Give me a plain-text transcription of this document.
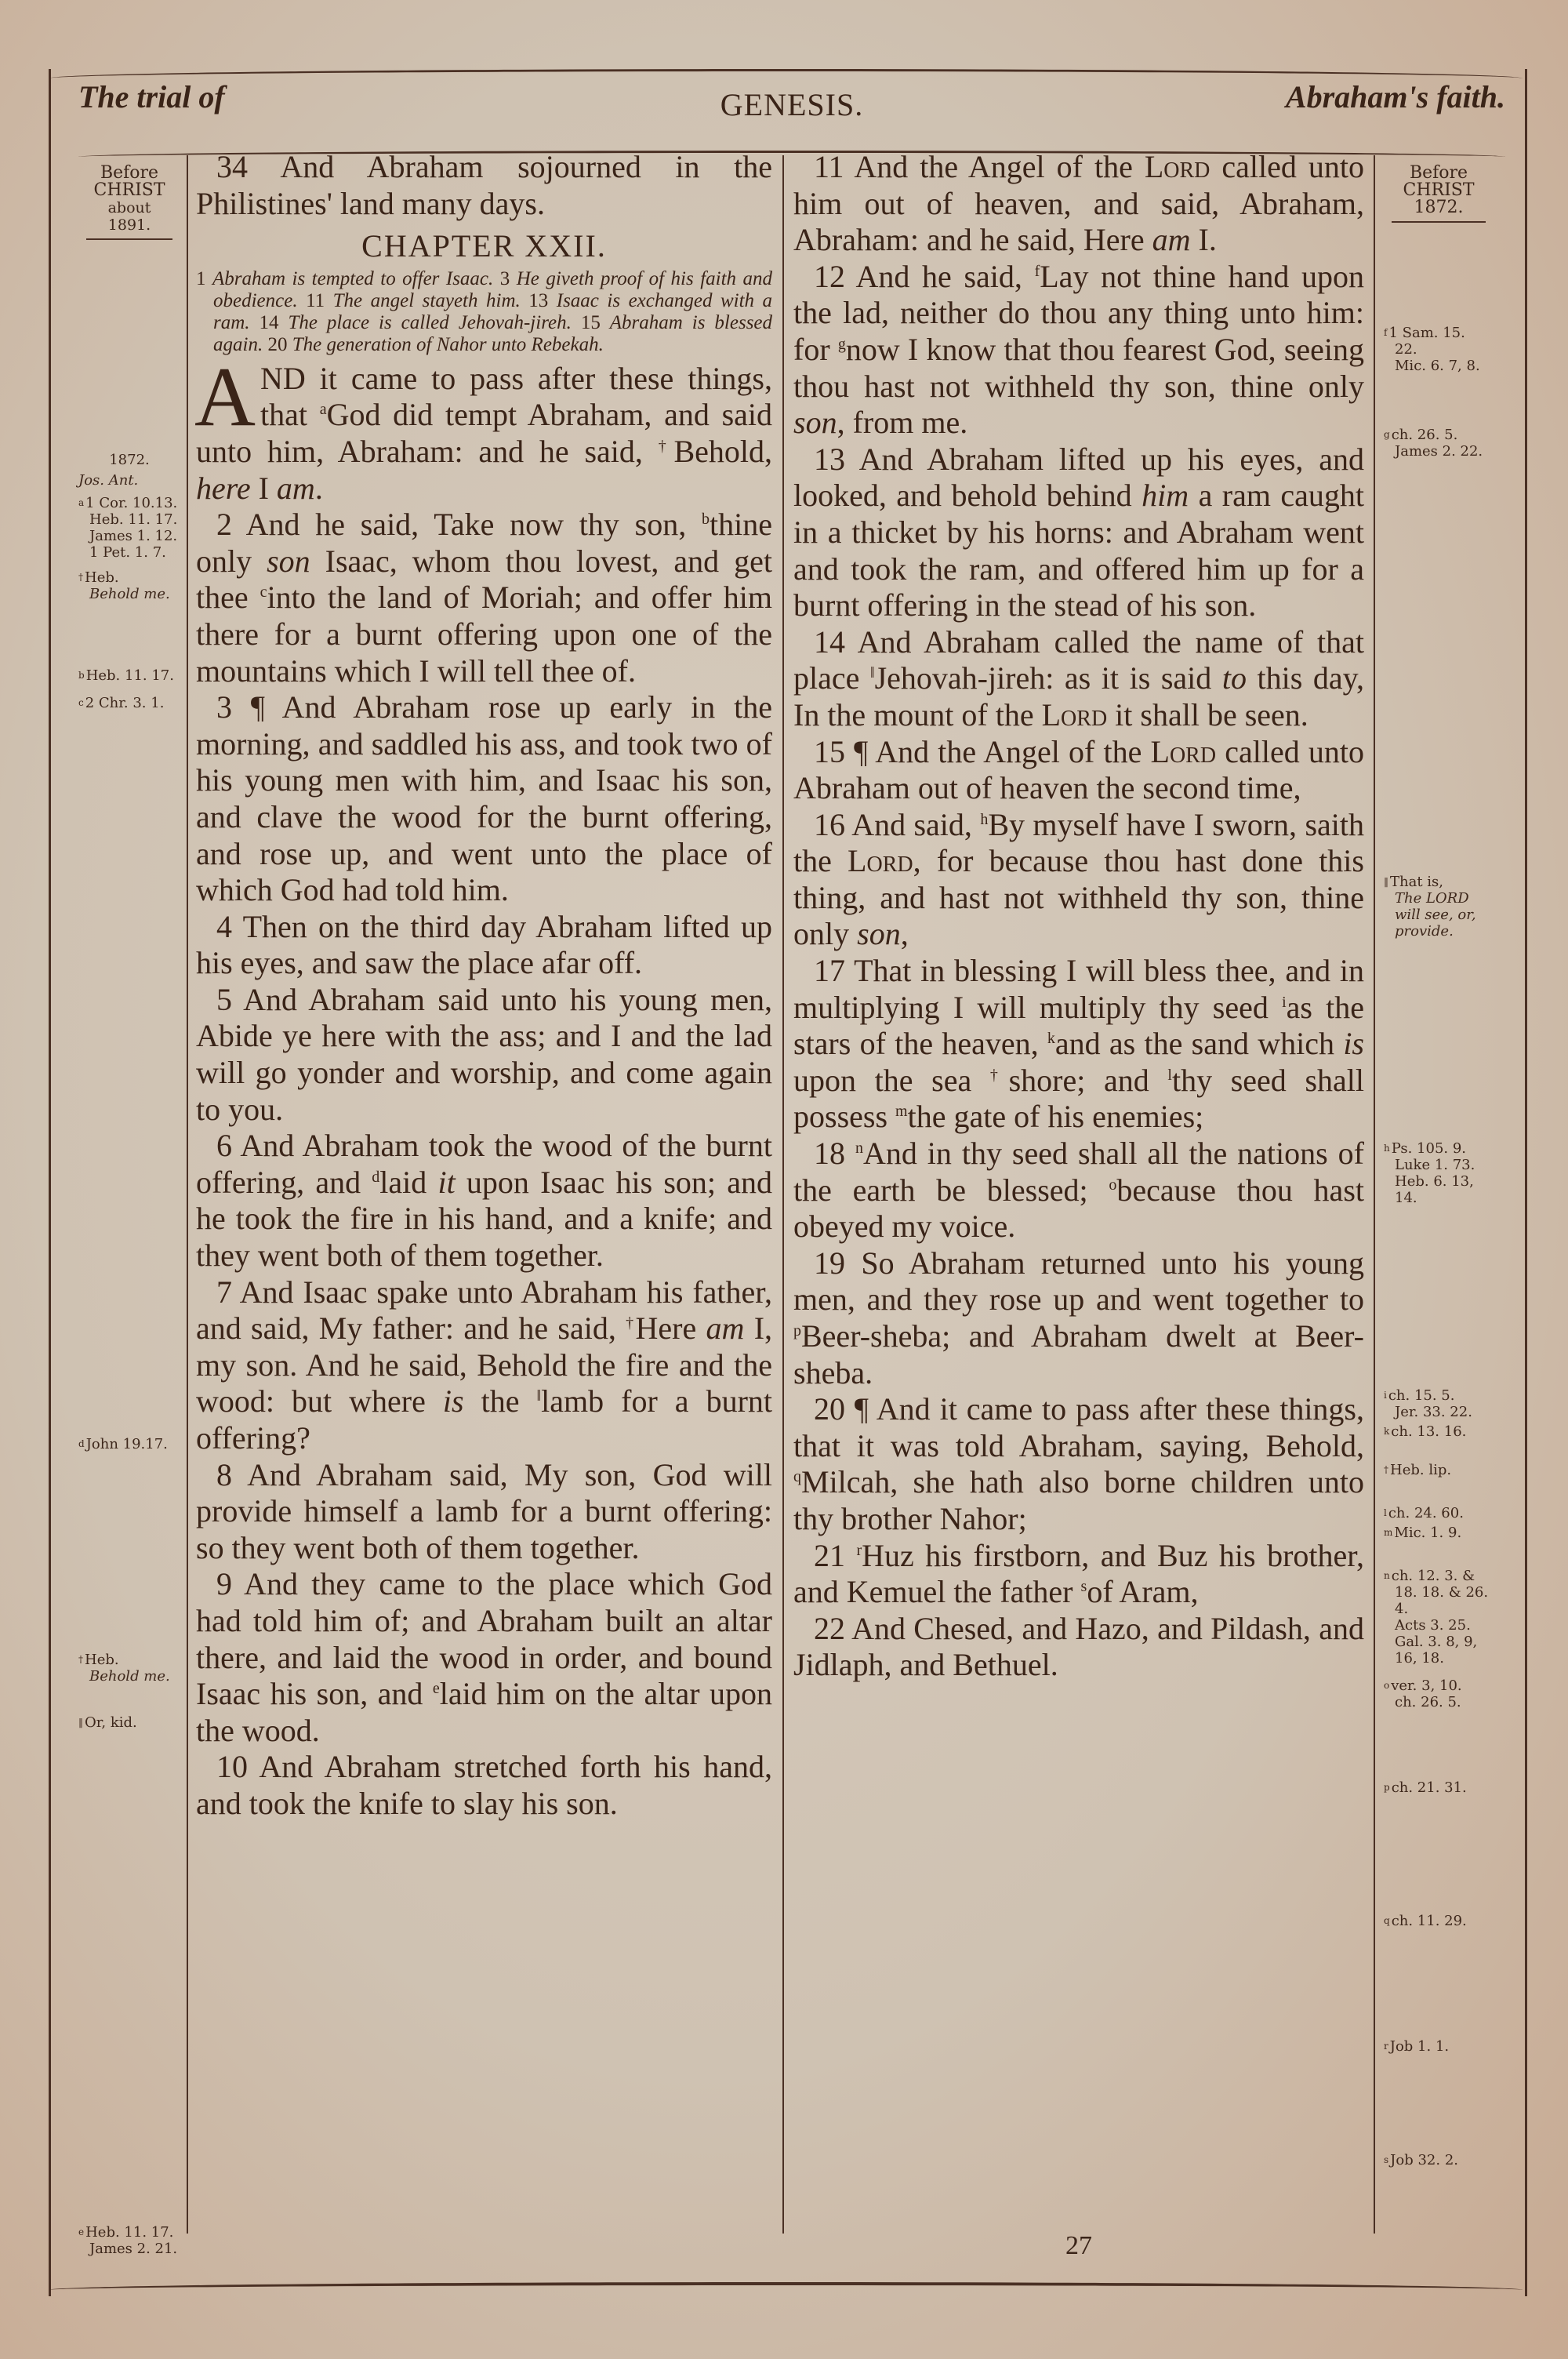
The trial of	GENESIS.	Abraham's faith.
Before
CHRIST
about 1891.
1872.
Jos. Ant.
$^a$ 1 Cor. 10.13.
Heb. 11. 17.
James 1. 12.
1 Pet. 1. 7.
† Heb.
Behold me.
$^b$ Heb. 11. 17.
$^c$ 2 Chr. 3. 1.
$^d$ John 19.17.
† Heb.
Behold me.
‖ Or, kid.
$^e$ Heb. 11. 17.
James 2. 21.

34 And Abraham sojourned in the Philistines' land many days.

CHAPTER XXII.
1 Abraham is tempted to offer Isaac. 3 He giveth proof of his faith and obedience. 11 The angel stayeth him. 13 Isaac is exchanged with a ram. 14 The place is called Jehovah-jireh. 15 Abraham is blessed again. 20 The generation of Nahor unto Rebekah.

AND it came to pass after these things, that $^a$God did tempt Abraham, and said unto him, Abraham: and he said, †Behold, here I am.

2 And he said, Take now thy son, $^b$thine only son Isaac, whom thou lovest, and get thee $^c$into the land of Moriah; and offer him there for a burnt offering upon one of the mountains which I will tell thee of.

3 ¶ And Abraham rose up early in the morning, and saddled his ass, and took two of his young men with him, and Isaac his son, and clave the wood for the burnt offering, and rose up, and went unto the place of which God had told him.

4 Then on the third day Abraham lifted up his eyes, and saw the place afar off.

5 And Abraham said unto his young men, Abide ye here with the ass; and I and the lad will go yonder and worship, and come again to you.

6 And Abraham took the wood of the burnt offering, and $^d$laid it upon Isaac his son; and he took the fire in his hand, and a knife; and they went both of them together.

7 And Isaac spake unto Abraham his father, and said, My father: and he said, †Here am I, my son. And he said, Behold the fire and the wood: but where is the ‖lamb for a burnt offering?

8 And Abraham said, My son, God will provide himself a lamb for a burnt offering: so they went both of them together.

9 And they came to the place which God had told him of; and Abraham built an altar there, and laid the wood in order, and bound Isaac his son, and $^e$laid him on the altar upon the wood.

10 And Abraham stretched forth his hand, and took the knife to slay his son.

11 And the Angel of the Lord called unto him out of heaven, and said, Abraham, Abraham: and he said, Here am I.

12 And he said, $^f$Lay not thine hand upon the lad, neither do thou any thing unto him: for $^g$now I know that thou fearest God, seeing thou hast not withheld thy son, thine only son, from me.

13 And Abraham lifted up his eyes, and looked, and behold behind him a ram caught in a thicket by his horns: and Abraham went and took the ram, and offered him up for a burnt offering in the stead of his son.

14 And Abraham called the name of that place ‖Jehovah-jireh: as it is said to this day, In the mount of the Lord it shall be seen.

15 ¶ And the Angel of the Lord called unto Abraham out of heaven the second time,

16 And said, $^h$By myself have I sworn, saith the Lord, for because thou hast done this thing, and hast not withheld thy son, thine only son,

17 That in blessing I will bless thee, and in multiplying I will multiply thy seed $^i$as the stars of the heaven, $^k$and as the sand which is upon the sea †shore; and $^l$thy seed shall possess $^m$the gate of his enemies;

18 $^n$And in thy seed shall all the nations of the earth be blessed; $^o$because thou hast obeyed my voice.

19 So Abraham returned unto his young men, and they rose up and went together to $^p$Beer-sheba; and Abraham dwelt at Beer-sheba.

20 ¶ And it came to pass after these things, that it was told Abraham, saying, Behold, $^q$Milcah, she hath also borne children unto thy brother Nahor;

21 $^r$Huz his firstborn, and Buz his brother, and Kemuel the father $^s$of Aram,

22 And Chesed, and Hazo, and Pildash, and Jidlaph, and Bethuel.

27
Before
CHRIST
1872.
$^f$ 1 Sam. 15.
22.
Mic. 6. 7, 8.
$^g$ ch. 26. 5.
James 2. 22.
‖ That is,
The LORD
will see, or,
provide.
$^h$ Ps. 105. 9.
Luke 1. 73.
Heb. 6. 13,
14.
$^i$ ch. 15. 5.
Jer. 33. 22.
$^k$ ch. 13. 16.
† Heb. lip.
$^l$ ch. 24. 60.
$^m$ Mic. 1. 9.
$^n$ ch. 12. 3. &
18. 18. & 26.
4.
Acts 3. 25.
Gal. 3. 8, 9,
16, 18.
$^o$ ver. 3, 10.
ch. 26. 5.
$^p$ ch. 21. 31.
$^q$ ch. 11. 29.
$^r$ Job 1. 1.
$^s$ Job 32. 2.
